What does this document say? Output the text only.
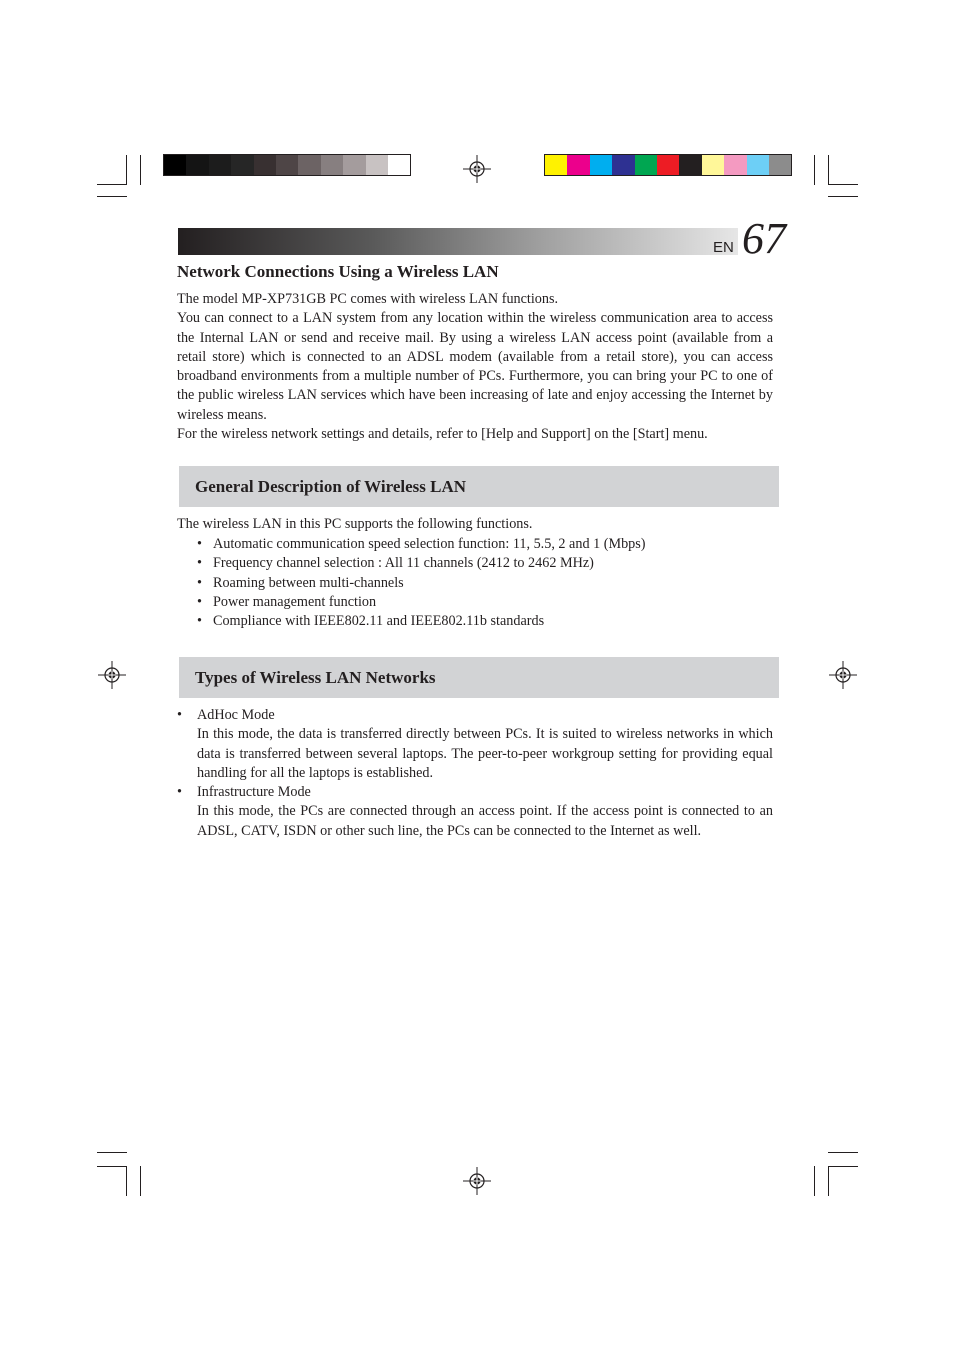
EN 67
Network Connections Using a Wireless LAN
The model MP-XP731GB PC comes with wireless LAN functions.
You can connect to a LAN system from any location within the wireless communication area to access the Internal LAN or send and receive mail. By using a wireless LAN access point (available from a retail store) which is connected to an ADSL modem (available from a retail store), you can access broadband environments from a multiple number of PCs. Furthermore, you can bring your PC to one of the public wireless LAN services which have been increasing of late and enjoy accessing the Internet by wireless means.
For the wireless network settings and details, refer to [Help and Support] on the [Start] menu.
General Description of Wireless LAN
The wireless LAN in this PC supports the following functions.
• Automatic communication speed selection function: 11, 5.5, 2 and 1 (Mbps)
• Frequency channel selection : All 11 channels (2412 to 2462 MHz)
• Roaming between multi-channels
• Power management function
• Compliance with IEEE802.11 and IEEE802.11b standards
Types of Wireless LAN Networks
• AdHoc Mode
In this mode, the data is transferred directly between PCs. It is suited to wireless networks in which data is transferred between several laptops. The peer-to-peer workgroup setting for providing equal handling for all the laptops is established.
• Infrastructure Mode
In this mode, the PCs are connected through an access point. If the access point is connected to an ADSL, CATV, ISDN or other such line, the PCs can be connected to the Internet as well.
